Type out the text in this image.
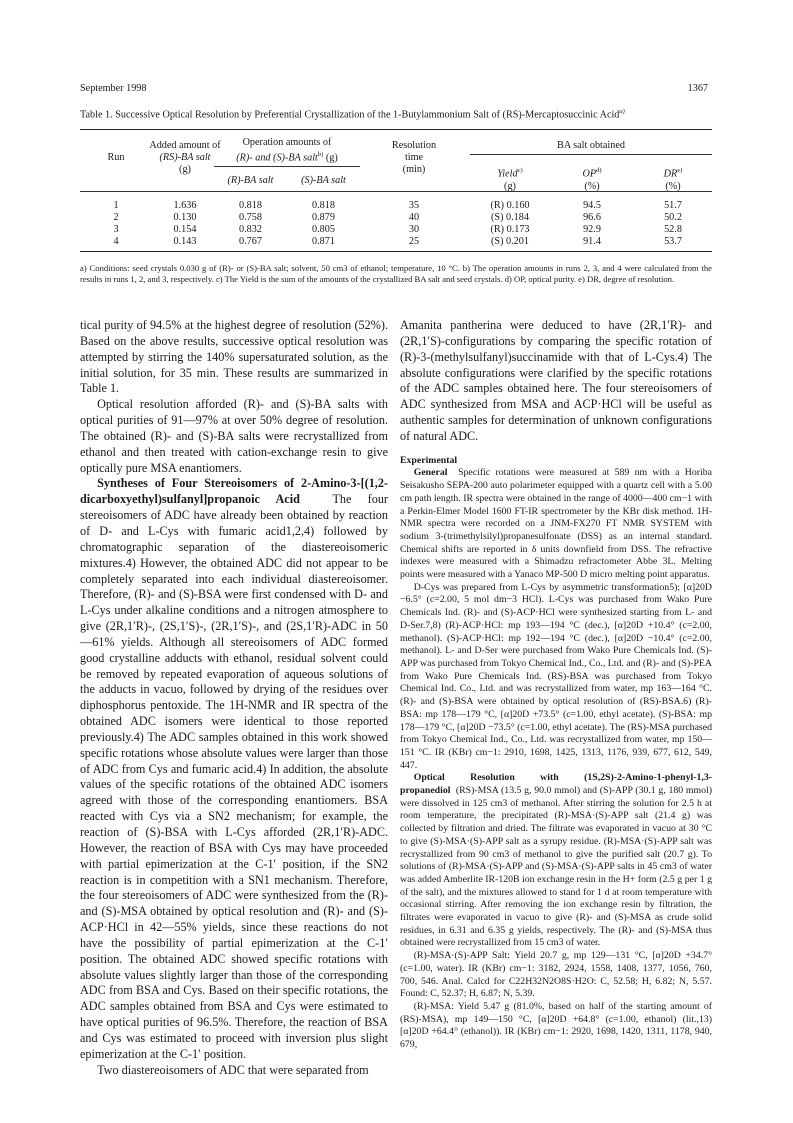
September 1998	1367
Table 1. Successive Optical Resolution by Preferential Crystallization of the 1-Butylammonium Salt of (RS)-Mercaptosuccinic Acid$^{a)}$
Run
Added amount of
(RS)-BA salt
(g)
Operation amounts of
(R)- and (S)-BA salt$^{b)}$ (g)
(R)-BA salt	(S)-BA salt
Resolution
time
(min)
BA salt obtained
Yield$^{c)}$
(g)
OP$^{d)}$
(%)
DR$^{e)}$
(%)
1	1.636	0.818	0.818	35	(R) 0.160	94.5	51.7
2	0.130	0.758	0.879	40	(S) 0.184	96.6	50.2
3	0.154	0.832	0.805	30	(R) 0.173	92.9	52.8
4	0.143	0.767	0.871	25	(S) 0.201	91.4	53.7
a) Conditions: seed crystals 0.030 g of (R)- or (S)-BA salt; solvent, 50 cm3 of ethanol; temperature, 10 °C. b) The operation amounts in runs 2, 3, and 4 were calculated from the results in runs 1, 2, and 3, respectively. c) The Yield is the sum of the amounts of the crystallized BA salt and seed crystals. d) OP, optical purity. e) DR, degree of resolution.

tical purity of 94.5% at the highest degree of resolution (52%). Based on the above results, successive optical resolution was attempted by stirring the 140% supersaturated solution, as the initial solution, for 35 min. These results are summarized in Table 1.

Optical resolution afforded (R)- and (S)-BA salts with optical purities of 91—97% at over 50% degree of resolution. The obtained (R)- and (S)-BA salts were recrystallized from ethanol and then treated with cation-exchange resin to give optically pure MSA enantiomers.

Syntheses of Four Stereoisomers of 2-Amino-3-[(1,2-dicarboxyethyl)sulfanyl]propanoic Acid	The four stereoisomers of ADC have already been obtained by reaction of D- and L-Cys with fumaric acid1,2,4) followed by chromatographic separation of the diastereoisomeric mixtures.4) However, the obtained ADC did not appear to be completely separated into each individual diastereoisomer. Therefore, (R)- and (S)-BSA were first condensed with D- and L-Cys under alkaline conditions and a nitrogen atmosphere to give (2R,1′R)-, (2S,1′S)-, (2R,1′S)-, and (2S,1′R)-ADC in 50—61% yields. Although all stereoisomers of ADC formed good crystalline adducts with ethanol, residual solvent could be removed by repeated evaporation of aqueous solutions of the adducts in vacuo, followed by drying of the residues over diphosphorus pentoxide. The 1H-NMR and IR spectra of the obtained ADC isomers were identical to those reported previously.4) The ADC samples obtained in this work showed specific rotations whose absolute values were larger than those of ADC from Cys and fumaric acid.4) In addition, the absolute values of the specific rotations of the obtained ADC isomers agreed with those of the corresponding enantiomers. BSA reacted with Cys via a SN2 mechanism; for example, the reaction of (S)-BSA with L-Cys afforded (2R,1′R)-ADC. However, the reaction of BSA with Cys may have proceeded with partial epimerization at the C-1′ position, if the SN2 reaction is in competition with a SN1 mechanism. Therefore, the four stereoisomers of ADC were synthesized from the (R)- and (S)-MSA obtained by optical resolution and (R)- and (S)-ACP·HCl in 42—55% yields, since these reactions do not have the possibility of partial epimerization at the C-1′ position. The obtained ADC showed specific rotations with absolute values slightly larger than those of the corresponding ADC from BSA and Cys. Based on their specific rotations, the ADC samples obtained from BSA and Cys were estimated to have optical purities of 96.5%. Therefore, the reaction of BSA and Cys was estimated to proceed with inversion plus slight epimerization at the C-1′ position.

Two diastereoisomers of ADC that were separated from

Amanita pantherina were deduced to have (2R,1′R)- and (2R,1′S)-configurations by comparing the specific rotation of (R)-3-(methylsulfanyl)succinamide with that of L-Cys.4) The absolute configurations were clarified by the specific rotations of the ADC samples obtained here. The four stereoisomers of ADC synthesized from MSA and ACP·HCl will be useful as authentic samples for determination of unknown configurations of natural ADC.

Experimental

General Specific rotations were measured at 589 nm with a Horiba Seisakusho SEPA-200 auto polarimeter equipped with a quartz cell with a 5.00 cm path length. IR spectra were obtained in the range of 4000—400 cm−1 with a Perkin-Elmer Model 1600 FT-IR spectrometer by the KBr disk method. 1H-NMR spectra were recorded on a JNM-FX270 FT NMR SYSTEM with sodium 3-(trimethylsilyl)propanesulfonate (DSS) as an internal standard. Chemical shifts are reported in δ units downfield from DSS. The refractive indexes were measured with a Shimadzu refractometer Abbe 3L. Melting points were measured with a Yanaco MP-500 D micro melting point apparatus.

D-Cys was prepared from L-Cys by asymmetric transformation5); [α]20D −6.5° (c=2.00, 5 mol dm−3 HCl). L-Cys was purchased from Wako Pure Chemicals Ind. (R)- and (S)-ACP·HCl were synthesized starting from L- and D-Ser.7,8) (R)-ACP·HCl: mp 193—194 °C (dec.), [α]20D +10.4° (c=2.00, methanol). (S)-ACP·HCl: mp 192—194 °C (dec.), [α]20D −10.4° (c=2.00, methanol). L- and D-Ser were purchased from Wako Pure Chemicals Ind. (S)-APP was purchased from Tokyo Chemical Ind., Co., Ltd. and (R)- and (S)-PEA from Wako Pure Chemicals Ind. (RS)-BSA was purchased from Tokyo Chemical Ind. Co., Ltd. and was recrystallized from water, mp 163—164 °C. (R)- and (S)-BSA were obtained by optical resolution of (RS)-BSA.6) (R)-BSA: mp 178—179 °C, [α]20D +73.5° (c=1.00, ethyl acetate). (S)-BSA: mp 178—179 °C, [α]20D −73.5° (c=1.00, ethyl acetate). The (RS)-MSA purchased from Tokyo Chemical Ind., Co., Ltd. was recrystallized from water, mp 150—151 °C. IR (KBr) cm−1: 2910, 1698, 1425, 1313, 1176, 939, 677, 612, 549, 447.

Optical Resolution with (1S,2S)-2-Amino-1-phenyl-1,3-propanediol (RS)-MSA (13.5 g, 90.0 mmol) and (S)-APP (30.1 g, 180 mmol) were dissolved in 125 cm3 of methanol. After stirring the solution for 2.5 h at room temperature, the precipitated (R)-MSA·(S)-APP salt (21.4 g) was collected by filtration and dried. The filtrate was evaporated in vacuo at 30 °C to give (S)-MSA·(S)-APP salt as a syrupy residue. (R)-MSA·(S)-APP salt was recrystallized from 90 cm3 of methanol to give the purified salt (20.7 g). To solutions of (R)-MSA·(S)-APP and (S)-MSA·(S)-APP salts in 45 cm3 of water was added Amberlite IR-120B ion exchange resin in the H+ form (2.5 g per 1 g of the salt), and the mixtures allowed to stand for 1 d at room temperature with occasional stirring. After removing the ion exchange resin by filtration, the filtrates were evaporated in vacuo to give (R)- and (S)-MSA as crude solid residues, in 6.31 and 6.35 g yields, respectively. The (R)- and (S)-MSA thus obtained were recrystallized from 15 cm3 of water.

(R)-MSA·(S)-APP Salt: Yield 20.7 g, mp 129—131 °C, [α]20D +34.7° (c=1.00, water). IR (KBr) cm−1: 3182, 2924, 1558, 1408, 1377, 1056, 760, 700, 546. Anal. Calcd for C22H32N2O8S·H2O: C, 52.58; H, 6.82; N, 5.57. Found: C, 52.37; H, 6.87; N, 5.39.

(R)-MSA: Yield 5.47 g (81.0%, based on half of the starting amount of (RS)-MSA), mp 149—150 °C, [α]20D +64.8° (c=1.00, ethanol) (lit.,13) [α]20D +64.4° (ethanol)). IR (KBr) cm−1: 2920, 1698, 1420, 1311, 1178, 940, 679,
